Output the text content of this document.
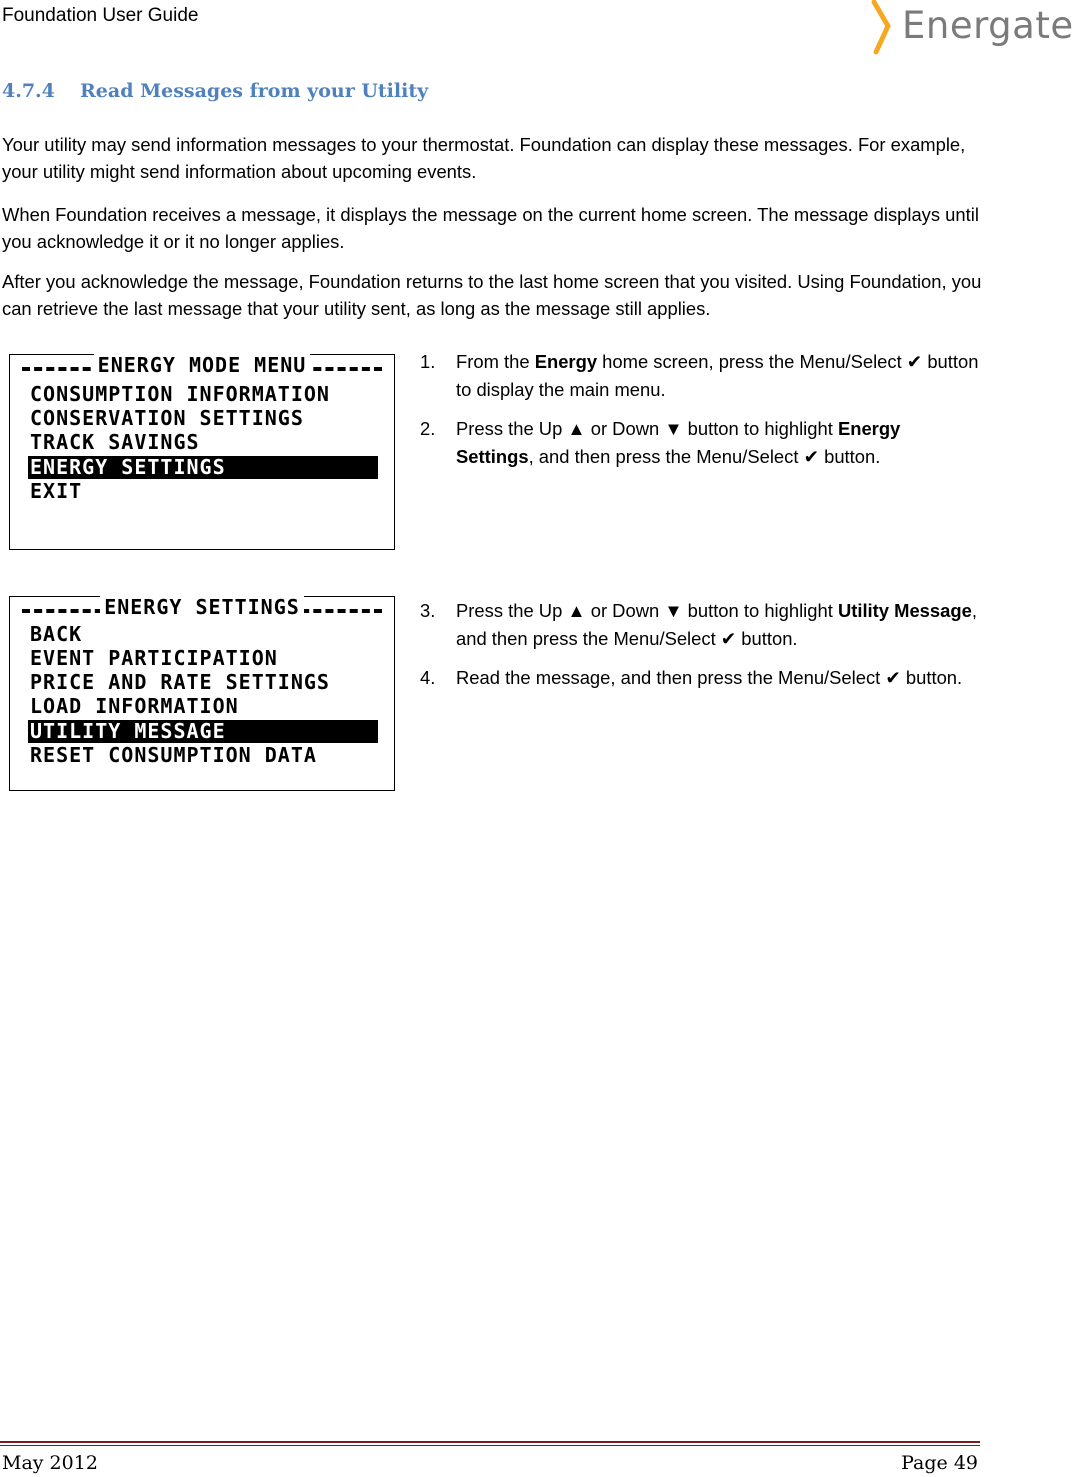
Foundation User Guide	Energate
4.7.4 Read Messages from your Utility
Your utility may send information messages to your thermostat. Foundation can display these messages. For example, your utility might send information about upcoming events.
When Foundation receives a message, it displays the message on the current home screen. The message displays until you acknowledge it or it no longer applies.
After you acknowledge the message, Foundation returns to the last home screen that you visited. Using Foundation, you can retrieve the last message that your utility sent, as long as the message still applies.
ENERGY MODE MENU
CONSUMPTION INFORMATION
CONSERVATION SETTINGS
TRACK SAVINGS
ENERGY SETTINGS
EXIT
ENERGY SETTINGS
BACK
EVENT PARTICIPATION
PRICE AND RATE SETTINGS
LOAD INFORMATION
UTILITY MESSAGE
RESET CONSUMPTION DATA
1. From the Energy home screen, press the Menu/Select ✔ button to display the main menu.
2. Press the Up ▲ or Down ▼ button to highlight Energy Settings, and then press the Menu/Select ✔ button.
3. Press the Up ▲ or Down ▼ button to highlight Utility Message, and then press the Menu/Select ✔ button.
4. Read the message, and then press the Menu/Select ✔ button.
May 2012	Page 49
